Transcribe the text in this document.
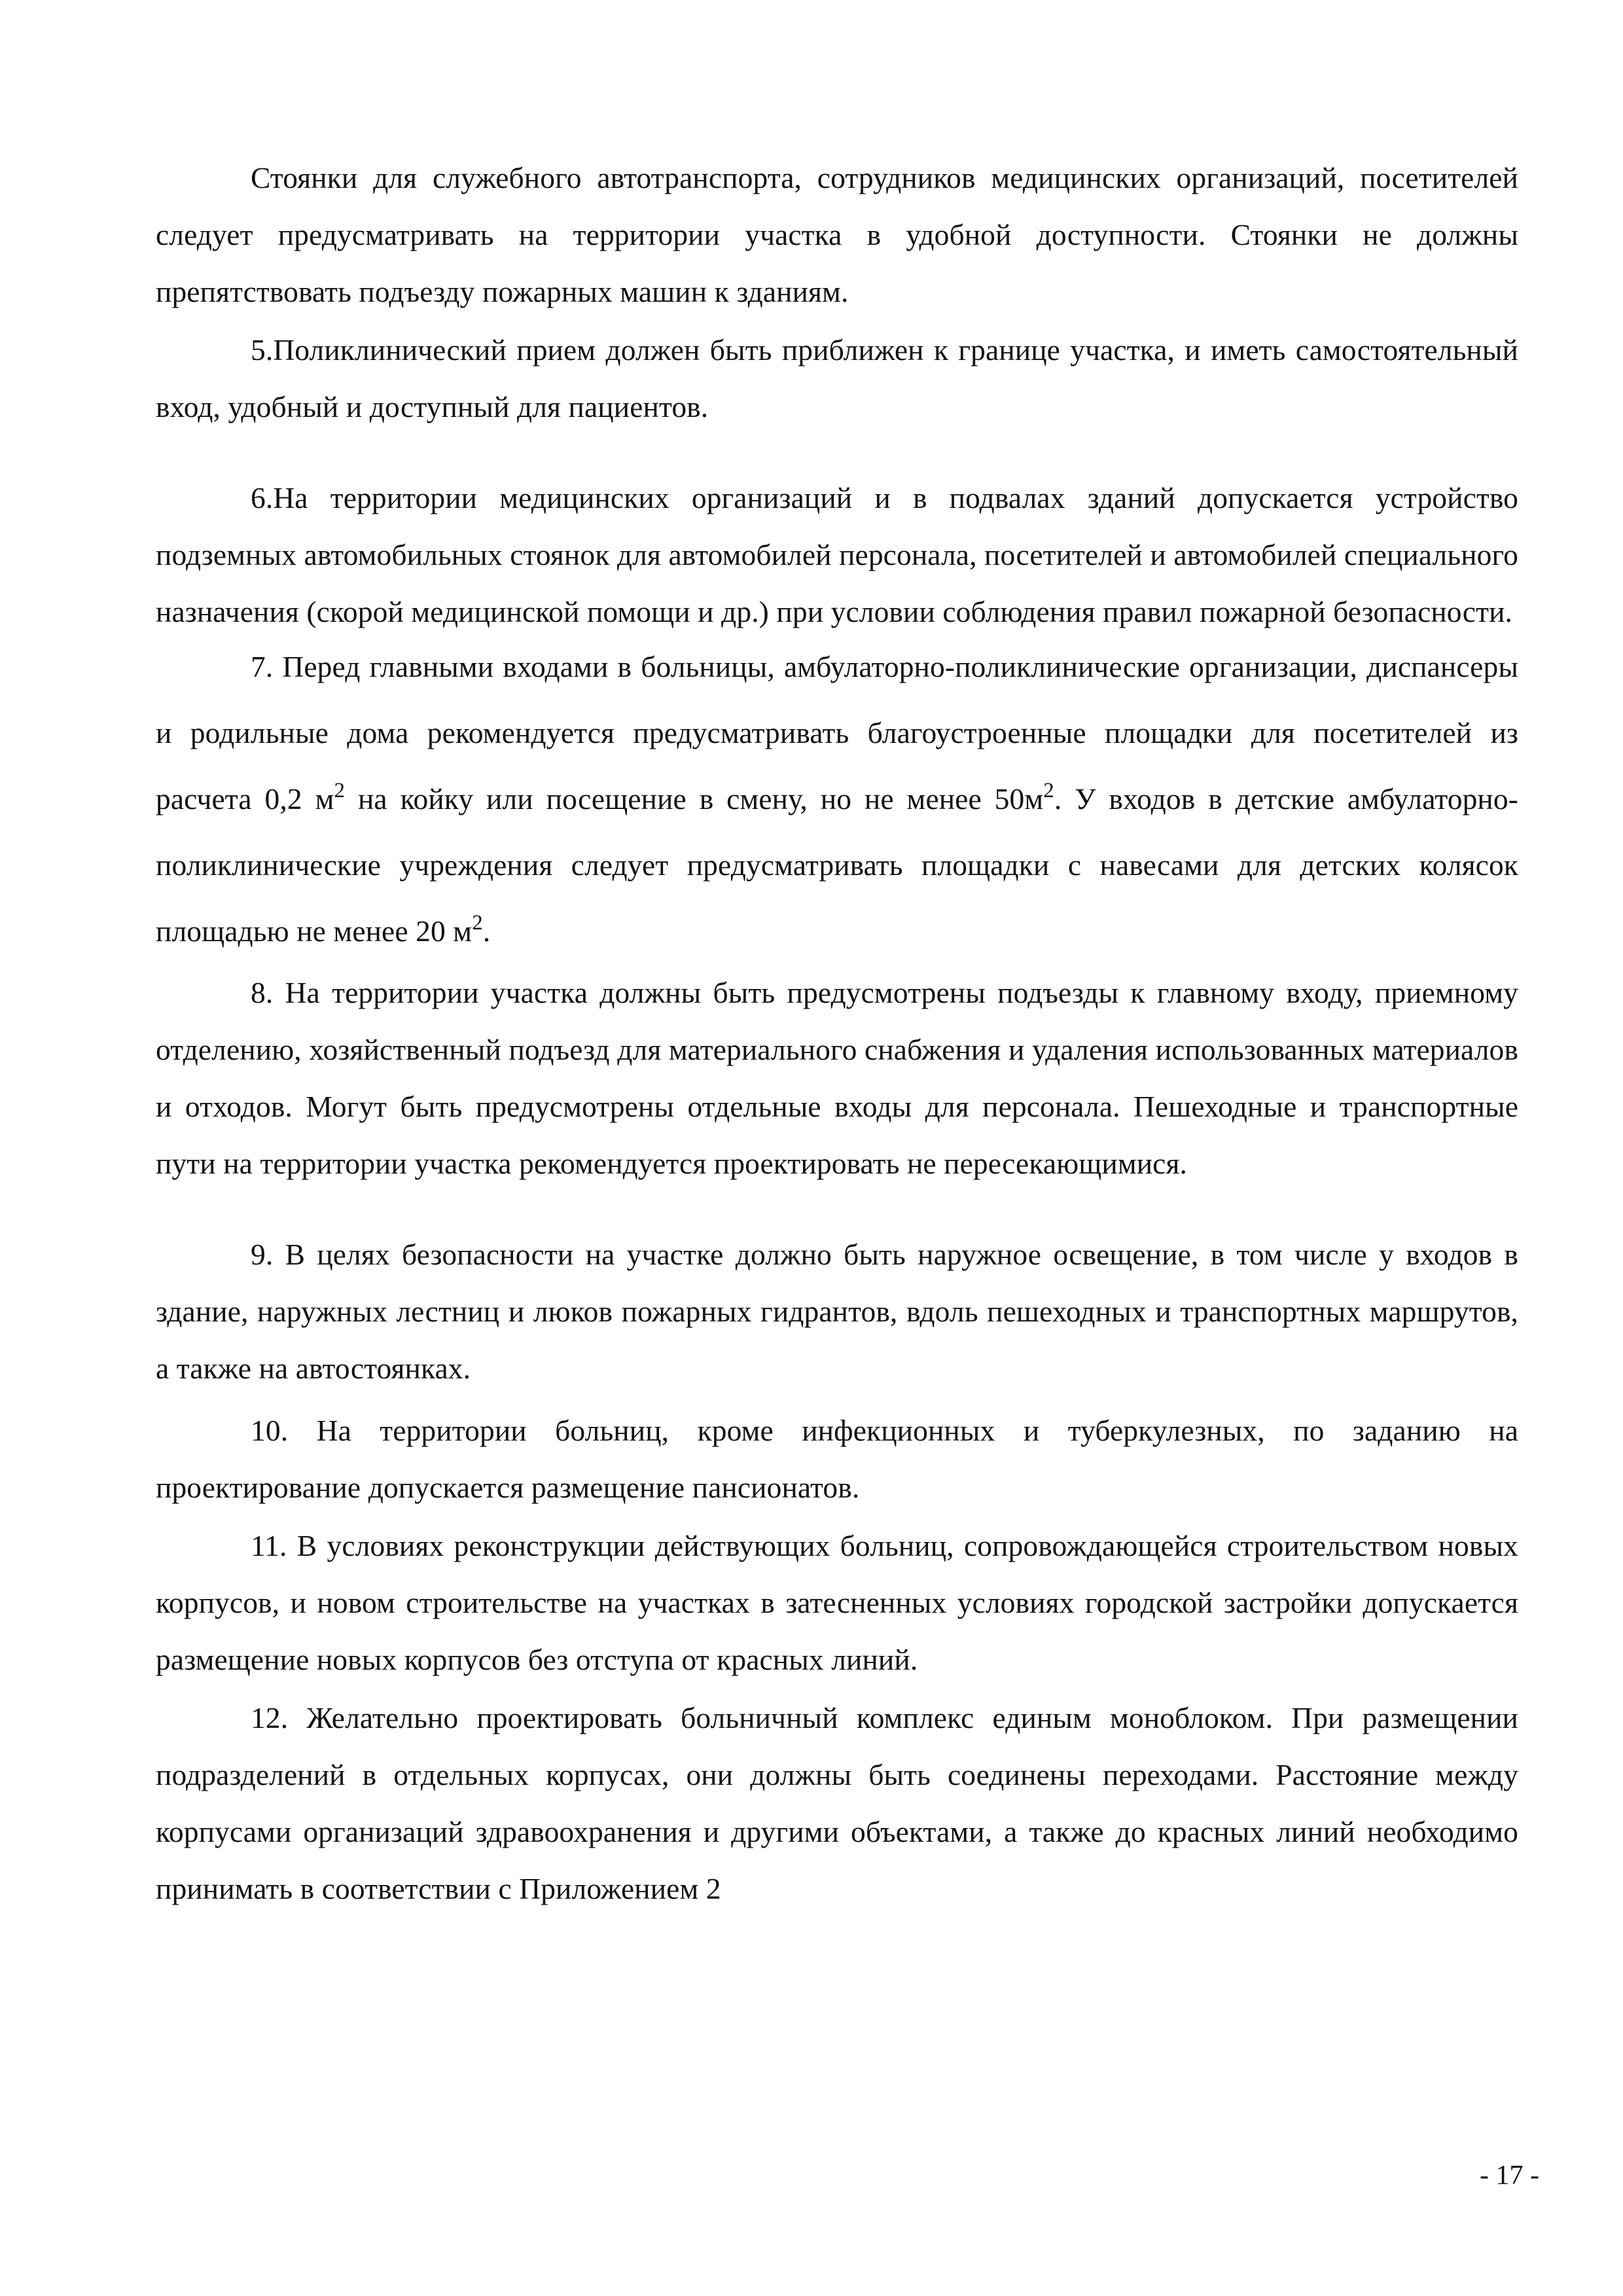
Стоянки для служебного автотранспорта, сотрудников медицинских организаций, посетителей следует предусматривать на территории участка в удобной доступности. Стоянки не должны препятствовать подъезду пожарных машин к зданиям.

5.Поликлинический прием должен быть приближен к границе участка, и иметь самостоятельный вход, удобный и доступный для пациентов.

6.На территории медицинских организаций и в подвалах зданий допускается устройство подземных автомобильных стоянок для автомобилей персонала, посетителей и автомобилей специального назначения (скорой медицинской помощи и др.) при условии соблюдения правил пожарной безопасности.

7. Перед главными входами в больницы, амбулаторно-поликлинические организации, диспансеры и родильные дома рекомендуется предусматривать благоустроенные площадки для посетителей из расчета 0,2 $м^2$ на койку или посещение в смену, но не менее $50м^2$. У входов в детские амбулаторно-поликлинические учреждения следует предусматривать площадки с навесами для детских колясок площадью не менее 20 $м^2$.

8. На территории участка должны быть предусмотрены подъезды к главному входу, приемному отделению, хозяйственный подъезд для материального снабжения и удаления использованных материалов и отходов. Могут быть предусмотрены отдельные входы для персонала. Пешеходные и транспортные пути на территории участка рекомендуется проектировать не пересекающимися.

9. В целях безопасности на участке должно быть наружное освещение, в том числе у входов в здание, наружных лестниц и люков пожарных гидрантов, вдоль пешеходных и транспортных маршрутов, а также на автостоянках.

10. На территории больниц, кроме инфекционных и туберкулезных, по заданию на проектирование допускается размещение пансионатов.

11. В условиях реконструкции действующих больниц, сопровождающейся строительством новых корпусов, и новом строительстве на участках в затесненных условиях городской застройки допускается размещение новых корпусов без отступа от красных линий.

12. Желательно проектировать больничный комплекс единым моноблоком. При размещении подразделений в отдельных корпусах, они должны быть соединены переходами. Расстояние между корпусами организаций здравоохранения и другими объектами, а также до красных линий необходимо принимать в соответствии с Приложением 2

- 17 -
